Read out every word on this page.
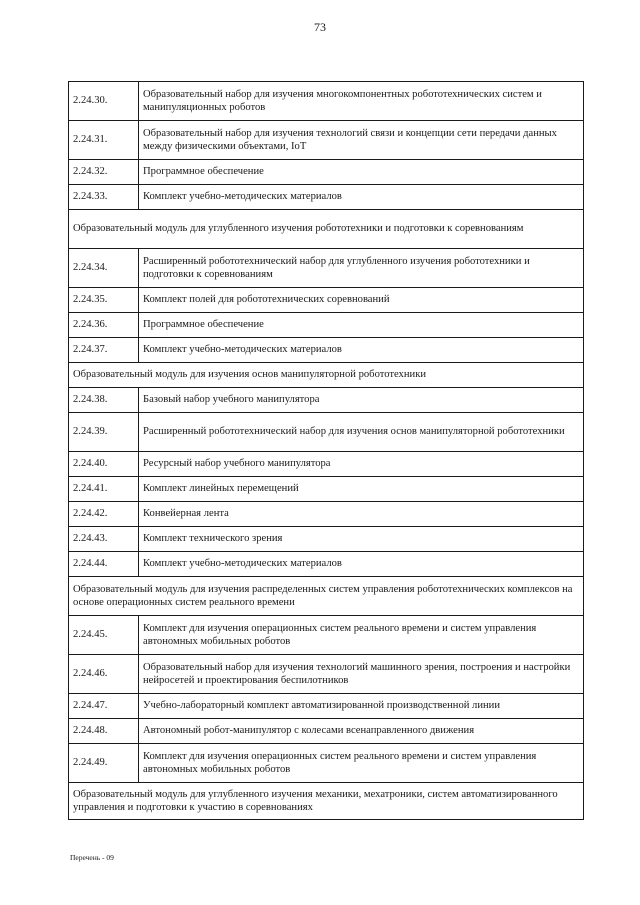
73
2.24.30.	Образовательный набор для изучения многокомпонентных робототехнических систем и манипуляционных роботов
2.24.31.	Образовательный набор для изучения технологий связи и концепции сети передачи данных между физическими объектами, IoT
2.24.32.	Программное обеспечение
2.24.33.	Комплект учебно-методических материалов
Образовательный модуль для углубленного изучения робототехники и подготовки к соревнованиям	
2.24.34.	Расширенный робототехнический набор для углубленного изучения робототехники и подготовки к соревнованиям
2.24.35.	Комплект полей для робототехнических соревнований
2.24.36.	Программное обеспечение
2.24.37.	Комплект учебно-методических материалов
Образовательный модуль для изучения основ манипуляторной робототехники	
2.24.38.	Базовый набор учебного манипулятора
2.24.39.	Расширенный робототехнический набор для изучения основ манипуляторной робототехники
2.24.40.	Ресурсный набор учебного манипулятора
2.24.41.	Комплект линейных перемещений
2.24.42.	Конвейерная лента
2.24.43.	Комплект технического зрения
2.24.44.	Комплект учебно-методических материалов
Образовательный модуль для изучения распределенных систем управления робототехнических комплексов на основе операционных систем реального времени	
2.24.45.	Комплект для изучения операционных систем реального времени и систем управления автономных мобильных роботов
2.24.46.	Образовательный набор для изучения технологий машинного зрения, построения и настройки нейросетей и проектирования беспилотников
2.24.47.	Учебно-лабораторный комплект автоматизированной производственной линии
2.24.48.	Автономный робот-манипулятор с колесами всенаправленного движения
2.24.49.	Комплект для изучения операционных систем реального времени и систем управления автономных мобильных роботов
Образовательный модуль для углубленного изучения механики, мехатроники, систем автоматизированного управления и подготовки к участию в соревнованиях	
Перечень - 09
